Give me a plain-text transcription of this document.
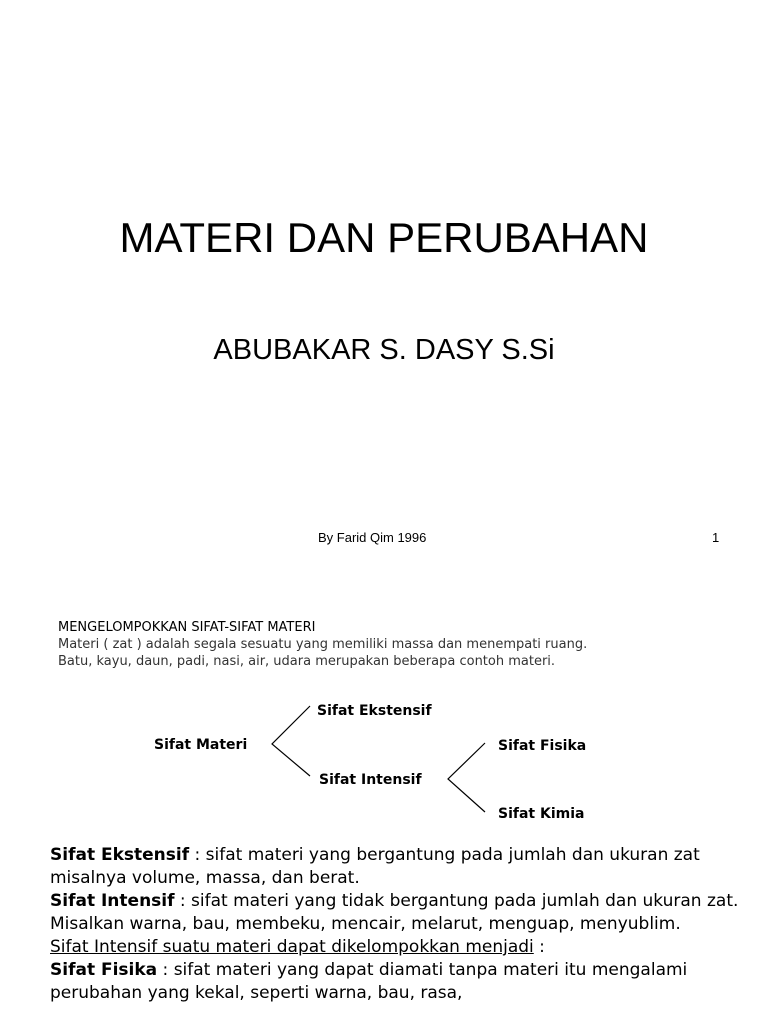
MATERI DAN PERUBAHAN
ABUBAKAR S. DASY S.Si
By Farid Qim 1996	1
MENGELOMPOKKAN SIFAT-SIFAT MATERI
Materi ( zat ) adalah segala sesuatu yang memiliki massa dan menempati ruang.
Batu, kayu, daun, padi, nasi, air, udara merupakan beberapa contoh materi.
Sifat Materi
Sifat Ekstensif
Sifat Intensif
Sifat Fisika
Sifat Kimia

Sifat Ekstensif : sifat materi yang bergantung pada jumlah dan ukuran zat misalnya volume, massa, dan berat.

Sifat Intensif : sifat materi yang tidak bergantung pada jumlah dan ukuran zat. Misalkan warna, bau, membeku, mencair, melarut, menguap, menyublim.

Sifat Intensif suatu materi dapat dikelompokkan menjadi :

Sifat Fisika : sifat materi yang dapat diamati tanpa materi itu mengalami perubahan yang kekal, seperti warna, bau, rasa,
